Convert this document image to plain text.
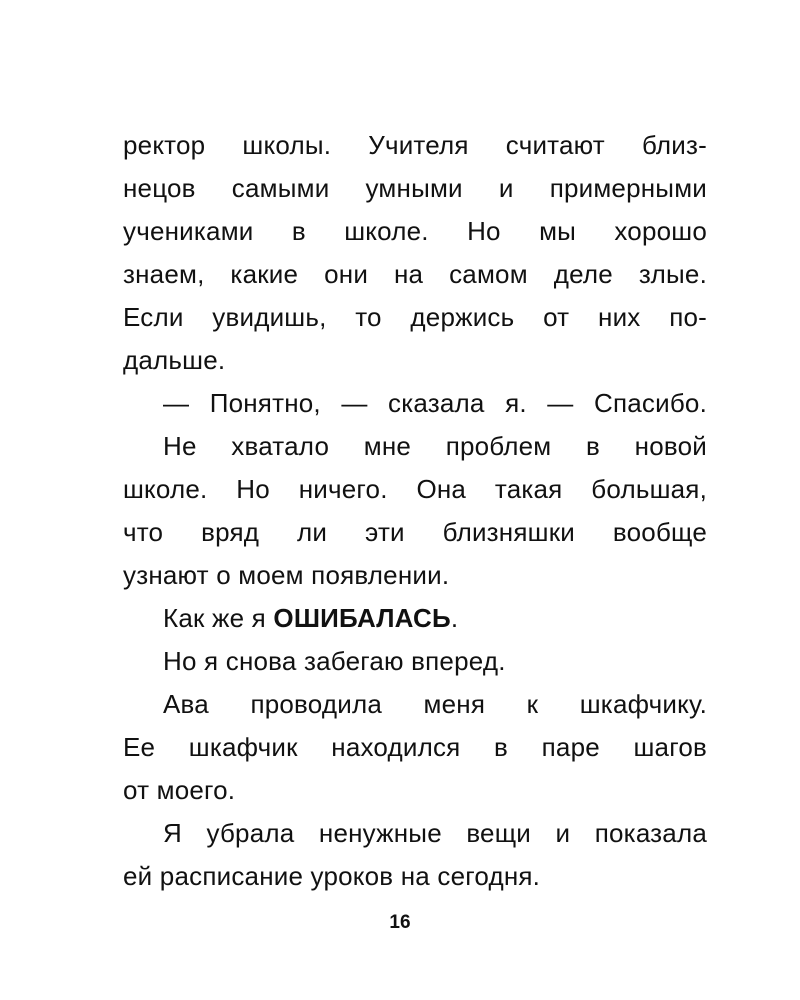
ректор школы. Учителя считают близ-
нецов самыми умными и примерными
учениками в школе. Но мы хорошо
знаем, какие они на самом деле злые.
Если увидишь, то держись от них по-
дальше.
— Понятно, — сказала я. — Спасибо.
Не хватало мне проблем в новой
школе. Но ничего. Она такая большая,
что вряд ли эти близняшки вообще
узнают о моем появлении.
Как же я ОШИБАЛАСЬ.
Но я снова забегаю вперед.
Ава проводила меня к шкафчику.
Ее шкафчик находился в паре шагов
от моего.
Я убрала ненужные вещи и показала
ей расписание уроков на сегодня.
16
